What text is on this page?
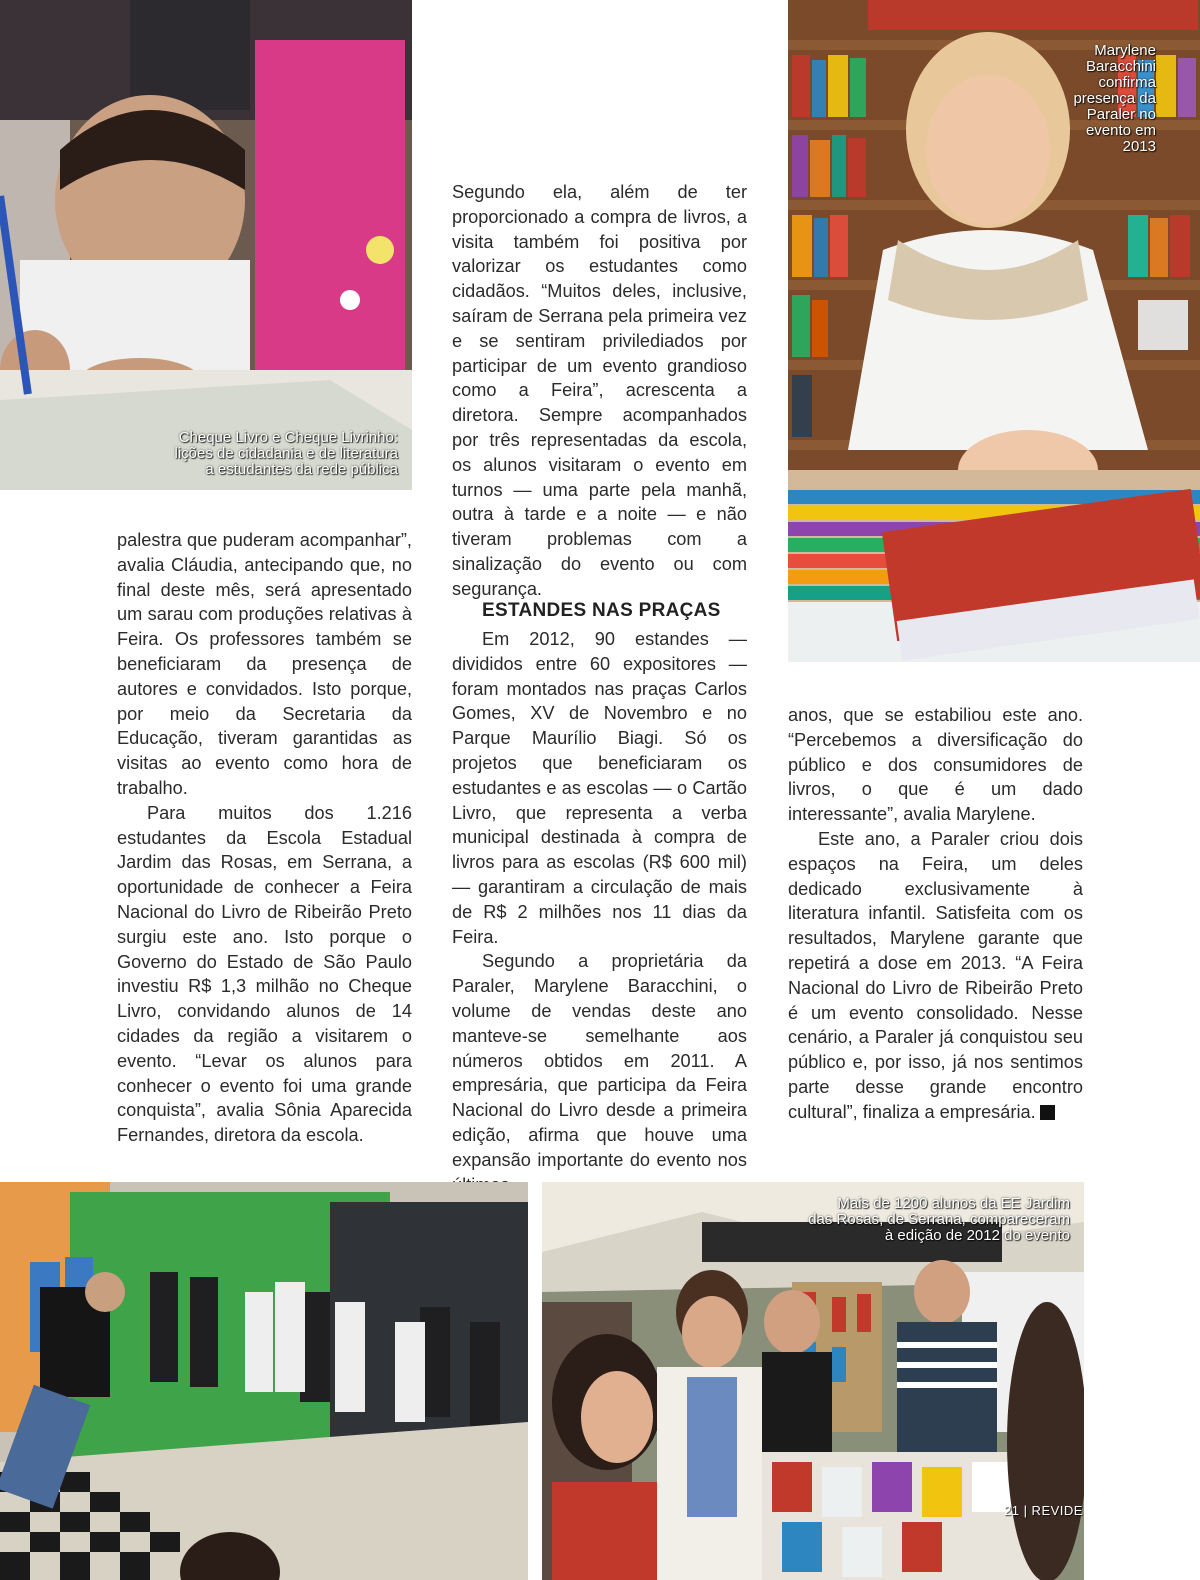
Cheque Livro e Cheque Livrinho:
lições de cidadania e de literatura
a estudantes da rede pública
Marylene
Baracchini
confirma
presença da
Paraler no
evento em
2013

Segundo ela, além de ter proporcionado a compra de livros, a visita também foi positiva por valorizar os estudantes como cidadãos. “Muitos deles, inclusive, saíram de Serrana pela primeira vez e se sentiram privilediados por participar de um evento grandioso como a Feira”, acrescenta a diretora. Sempre acompanhados por três representadas da escola, os alunos visitaram o evento em turnos — uma parte pela manhã, outra à tarde e a noite — e não tiveram problemas com a sinalização do evento ou com segurança.

ESTANDES NAS PRAÇAS

palestra que puderam acompanhar”, avalia Cláudia, antecipando que, no final deste mês, será apresentado um sarau com produções relativas à Feira. Os professores também se beneficiaram da presença de autores e convidados. Isto porque, por meio da Secretaria da Educação, tiveram garantidas as visitas ao evento como hora de trabalho.

Para muitos dos 1.216 estudantes da Escola Estadual Jardim das Rosas, em Serrana, a oportunidade de conhecer a Feira Nacional do Livro de Ribeirão Preto surgiu este ano. Isto porque o Governo do Estado de São Paulo investiu R$ 1,3 milhão no Cheque Livro, convidando alunos de 14 cidades da região a visitarem o evento. “Levar os alunos para conhecer o evento foi uma grande conquista”, avalia Sônia Aparecida Fernandes, diretora da escola.

Em 2012, 90 estandes — divididos entre 60 expositores — foram montados nas praças Carlos Gomes, XV de Novembro e no Parque Maurílio Biagi. Só os projetos que beneficiaram os estudantes e as escolas — o Cartão Livro, que representa a verba municipal destinada à compra de livros para as escolas (R$ 600 mil) — garantiram a circulação de mais de R$ 2 milhões nos 11 dias da Feira.

Segundo a proprietária da Paraler, Marylene Baracchini, o volume de vendas deste ano manteve-se semelhante aos números obtidos em 2011. A empresária, que participa da Feira Nacional do Livro desde a primeira edição, afirma que houve uma expansão importante do evento nos

anos, que se estabiliou este ano. “Percebemos a diversificação do público e dos consumidores de livros, o que é um dado interessante”, avalia Marylene.

Este ano, a Paraler criou dois espaços na Feira, um deles dedicado exclusivamente à literatura infantil. Satisfeita com os resultados, Marylene garante que repetirá a dose em 2013. “A Feira Nacional do Livro de Ribeirão Preto é um evento consolidado. Nesse cenário, a Paraler já conquistou seu público e, por isso, já nos sentimos parte desse grande encontro cultural”, finaliza a empresária.	r

Mais de 1200 alunos da EE Jardim
das Rosas, de Serrana, compareceram
à edição de 2012 do evento
21 | REVIDE
